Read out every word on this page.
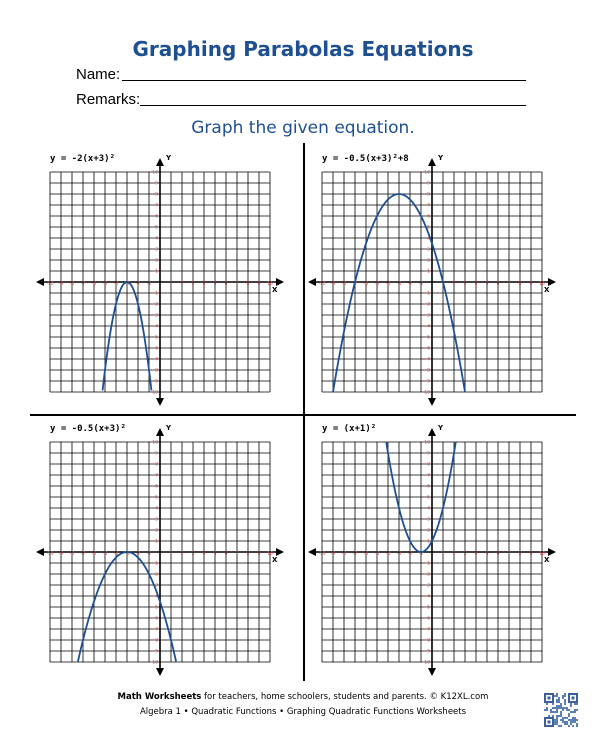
Graphing Parabolas Equations
Name:
Remarks:
Graph the given equation.
X
Y
-10
-10
-9
-9
-8
-8
-7
-7
-6
-6
-5
-5
-4
-4
-3
-3
-2
-2
-1
-1
1
1
2
2
3
3
4
4
5
5
6
6
7
7
8
8
9
9
10
10
y = -2(x+3)²
X
Y
-10
-10
-9
-9
-8
-8
-7
-7
-6
-6
-5
-5
-4
-4
-3
-3
-2
-2
-1
-1
1
1
2
2
3
3
4
4
5
5
6
6
7
7
8
8
9
9
10
10
y = -0.5(x+3)²+8
X
Y
-10
-10
-9
-9
-8
-8
-7
-7
-6
-6
-5
-5
-4
-4
-3
-3
-2
-2
-1
-1
1
1
2
2
3
3
4
4
5
5
6
6
7
7
8
8
9
9
10
10
y = -0.5(x+3)²
X
Y
-10
-10
-9
-9
-8
-8
-7
-7
-6
-6
-5
-5
-4
-4
-3
-3
-2
-2
-1
-1
1
1
2
2
3
3
4
4
5
5
6
6
7
7
8
8
9
9
10
10
y = (x+1)²
Math Worksheets for teachers, home schoolers, students and parents. © K12XL.com
Algebra 1 • Quadratic Functions • Graphing Quadratic Functions Worksheets
